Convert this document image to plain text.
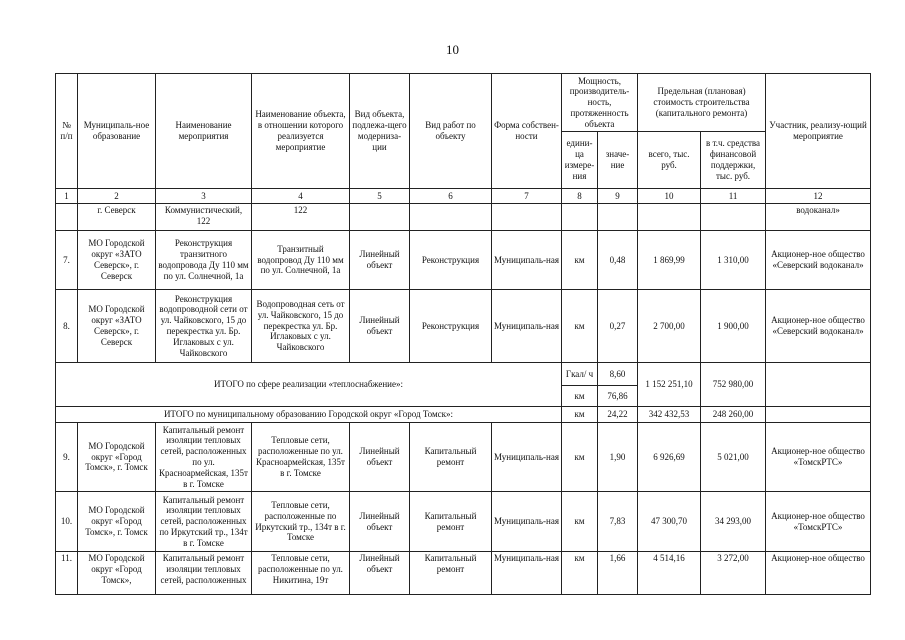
10
№ п/п	Муниципаль-ное образование	Наименование мероприятия	Наименование объекта, в отношении которого реализуется мероприятие	Вид объекта, подлежа-щего модерниза-ции	Вид работ по объекту	Форма собствен-ности	Мощность, производитель-ность, протяженность объекта		Предельная (плановая) стоимость строительства (капитального ремонта)		Участник, реализу-ющий мероприятие
							едини-ца измере-ния	значе-ние	всего, тыс. руб.	в т.ч. средства финансовой поддержки, тыс. руб.	
1	2	3	4	5	6	7	8	9	10	11	12
	г. Северск	Коммунистический, 122	122								водоканал»
7.	МО Городской округ «ЗАТО Северск», г. Северск	Реконструкция транзитного водопровода Ду 110 мм по ул. Солнечной, 1а	Транзитный водопровод Ду 110 мм по ул. Солнечной, 1а	Линейный объект	Реконструкция	Муниципаль-ная	км	0,48	1 869,99	1 310,00	Акционер-ное общество «Северский водоканал»
8.	МО Городской округ «ЗАТО Северск», г. Северск	Реконструкция водопроводной сети от ул. Чайковского, 15 до перекрестка ул. Бр. Иглаковых с ул. Чайковского	Водопроводная сеть от ул. Чайковского, 15 до перекрестка ул. Бр. Иглаковых с ул. Чайковского	Линейный объект	Реконструкция	Муниципаль-ная	км	0,27	2 700,00	1 900,00	Акционер-ное общество «Северский водоканал»
ИТОГО по сфере реализации «теплоснабжение»:							Гкал/ ч	8,60	1 152 251,10	752 980,00	
							км	76,86			
ИТОГО по муниципальному образованию Городской округ «Город Томск»:							км	24,22	342 432,53	248 260,00	
9.	МО Городской округ «Город Томск», г. Томск	Капитальный ремонт изоляции тепловых сетей, расположенных по ул. Красноармейская, 135т в г. Томске	Тепловые сети, расположенные по ул. Красноармейская, 135т в г. Томске	Линейный объект	Капитальный ремонт	Муниципаль-ная	км	1,90	6 926,69	5 021,00	Акционер-ное общество «ТомскРТС»
10.	МО Городской округ «Город Томск», г. Томск	Капитальный ремонт изоляции тепловых сетей, расположенных по Иркутский тр., 134т в г. Томске	Тепловые сети, расположенные по Иркутский тр., 134т в г. Томске	Линейный объект	Капитальный ремонт	Муниципаль-ная	км	7,83	47 300,70	34 293,00	Акционер-ное общество «ТомскРТС»
11.	МО Городской округ «Город Томск»,	Капитальный ремонт изоляции тепловых сетей, расположенных	Тепловые сети, расположенные по ул. Никитина, 19т	Линейный объект	Капитальный ремонт	Муниципаль-ная	км	1,66	4 514,16	3 272,00	Акционер-ное общество
